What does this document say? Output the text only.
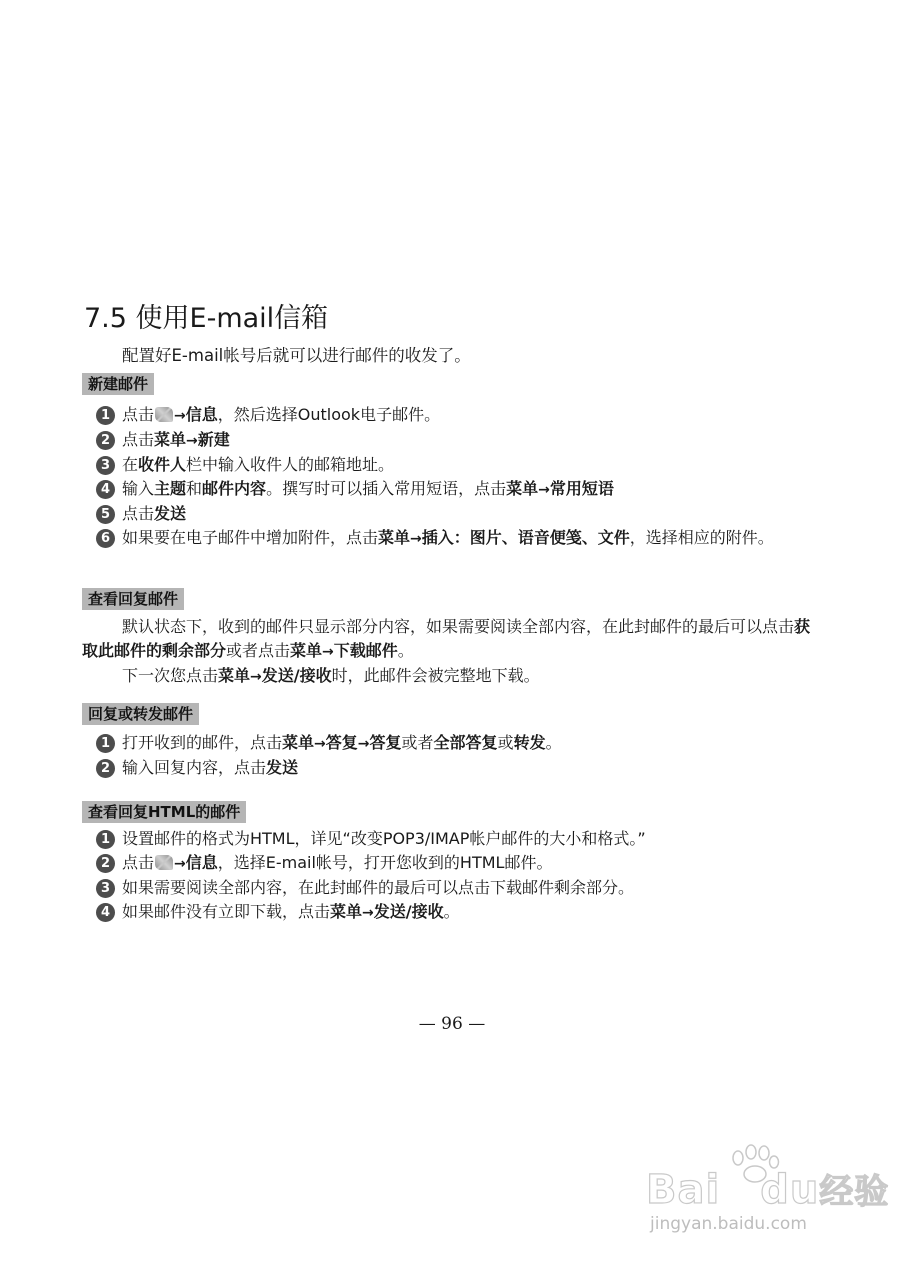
7.5 使用E-mail信箱
配置好E-mail帐号后就可以进行邮件的收发了。
新建邮件
1 点击 →信息，然后选择Outlook电子邮件。
2 点击菜单→新建
3 在收件人栏中输入收件人的邮箱地址。
4 输入主题和邮件内容。撰写时可以插入常用短语，点击菜单→常用短语
5 点击发送
6 如果要在电子邮件中增加附件，点击菜单→插入：图片、语音便笺、文件，选择相应的附件。
查看回复邮件
默认状态下，收到的邮件只显示部分内容，如果需要阅读全部内容，在此封邮件的最后可以点击获取此邮件的剩余部分或者点击菜单→下载邮件。
下一次您点击菜单→发送/接收时，此邮件会被完整地下载。
回复或转发邮件
1 打开收到的邮件，点击菜单→答复→答复或者全部答复或转发。
2 输入回复内容，点击发送
查看回复HTML的邮件
1 设置邮件的格式为HTML，详见“改变POP3/IMAP帐户邮件的大小和格式。”
2 点击 →信息，选择E-mail帐号，打开您收到的HTML邮件。
3 如果需要阅读全部内容，在此封邮件的最后可以点击下载邮件剩余部分。
4 如果邮件没有立即下载，点击菜单→发送/接收。
— 96 —
Bai du经验
jingyan.baidu.com
